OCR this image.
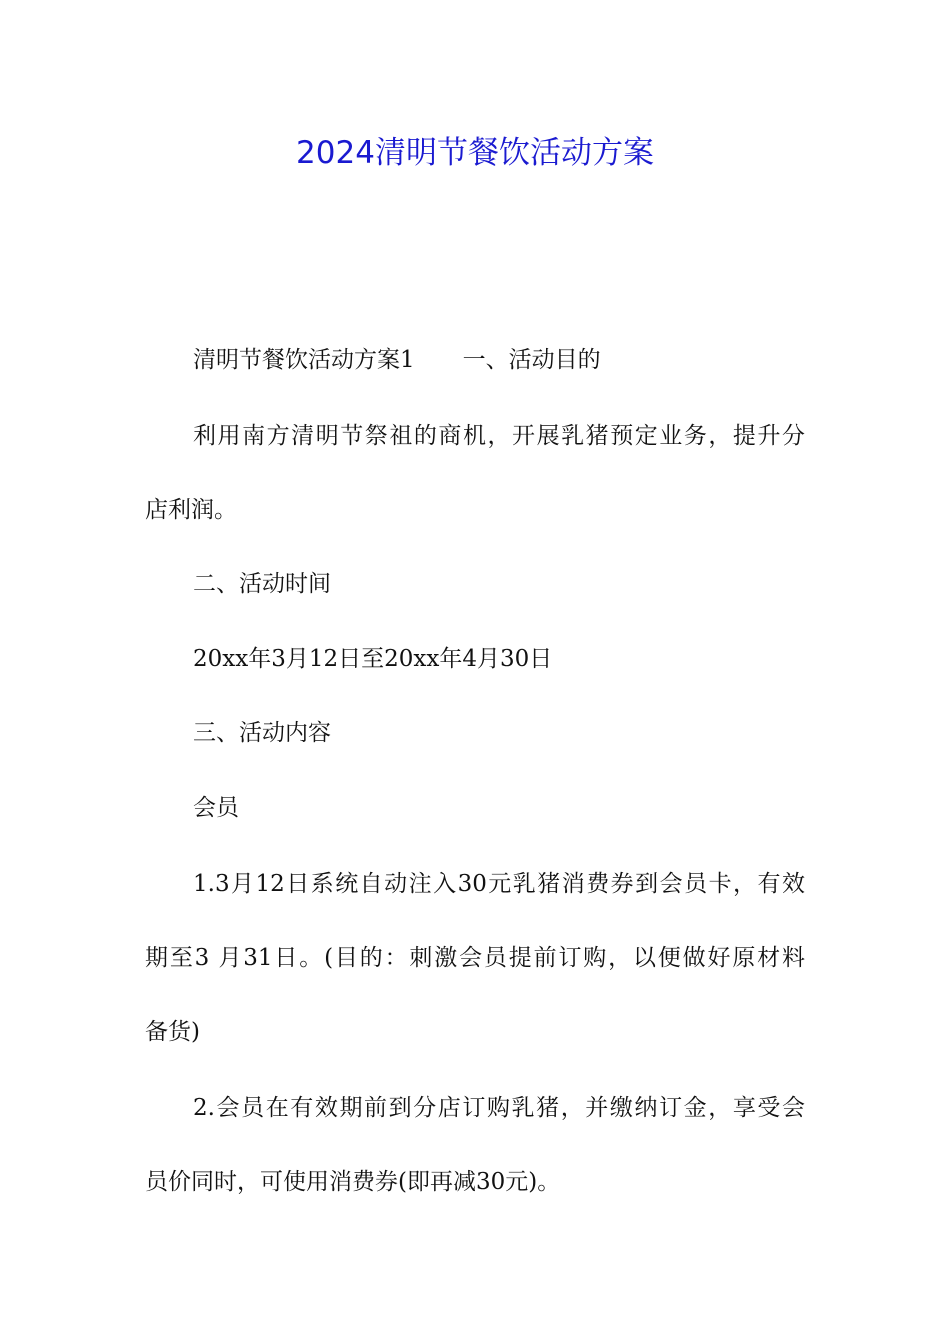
2024清明节餐饮活动方案
清明节餐饮活动方案1 一、活动目的
利用南方清明节祭祖的商机，开展乳猪预定业务，提升分
店利润。
二、活动时间
20xx年3月12日至20xx年4月30日
三、活动内容
会员
1.3月12日系统自动注入30元乳猪消费券到会员卡，有效
期至3 月31日。(目的：刺激会员提前订购，以便做好原材料
备货)
2.会员在有效期前到分店订购乳猪，并缴纳订金，享受会
员价同时，可使用消费券(即再减30元)。
